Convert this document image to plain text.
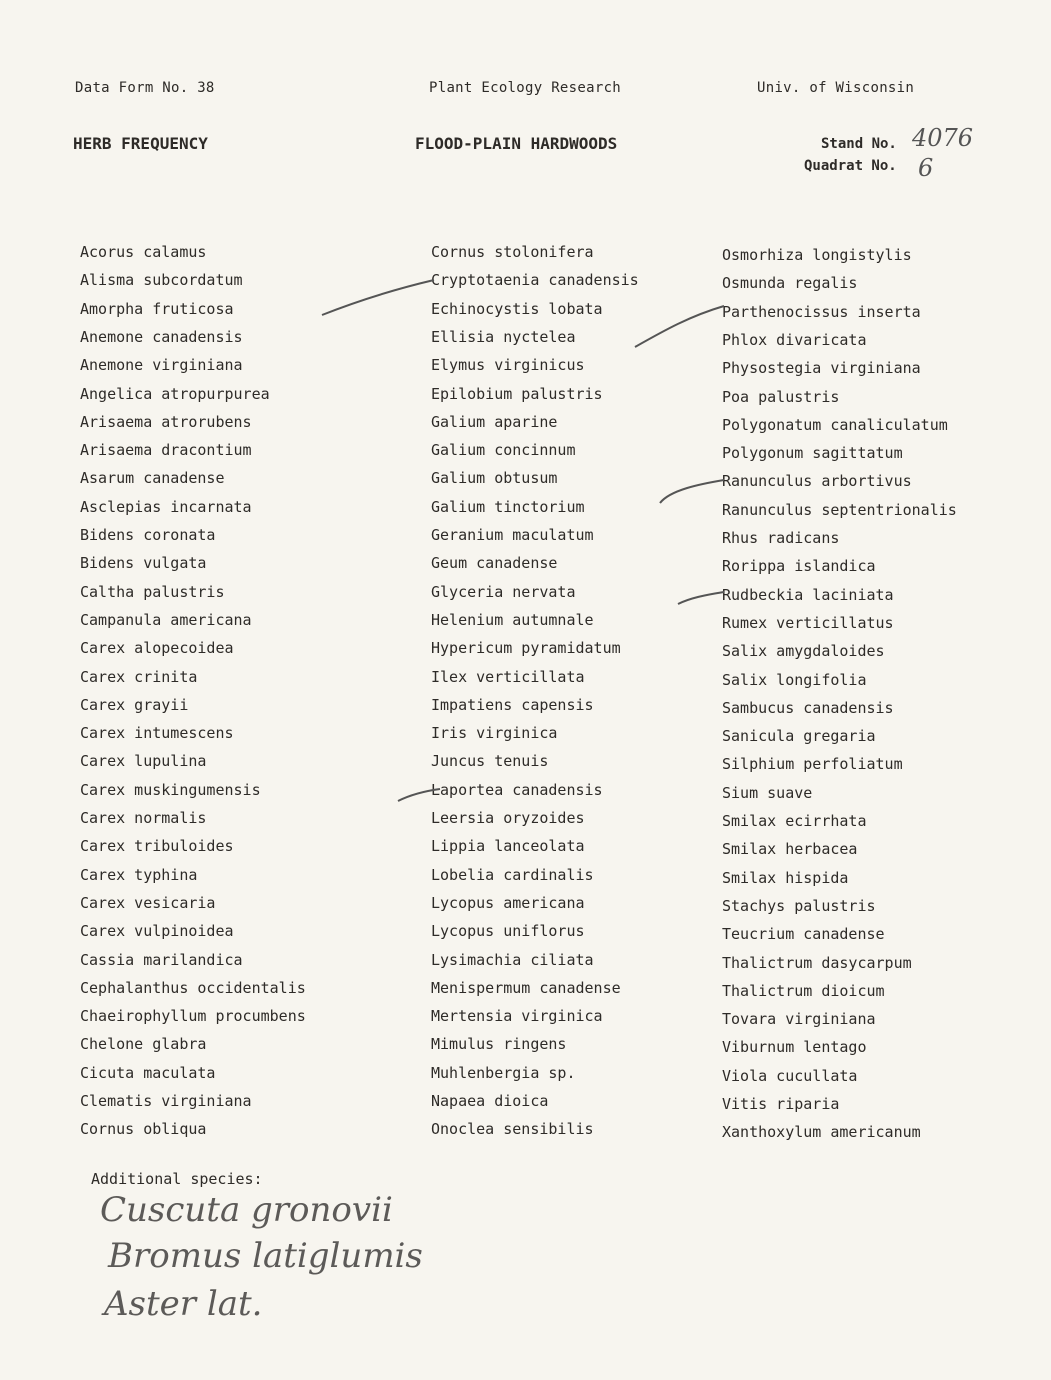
Data Form No. 38	Plant Ecology Research	Univ. of Wisconsin
HERB FREQUENCY	FLOOD-PLAIN HARDWOODS	Stand No. 4076
Quadrat No. 6
Acorus calamus
Alisma subcordatum
Amorpha fruticosa
Anemone canadensis
Anemone virginiana
Angelica atropurpurea
Arisaema atrorubens
Arisaema dracontium
Asarum canadense
Asclepias incarnata
Bidens coronata
Bidens vulgata
Caltha palustris
Campanula americana
Carex alopecoidea
Carex crinita
Carex grayii
Carex intumescens
Carex lupulina
Carex muskingumensis
Carex normalis
Carex tribuloides
Carex typhina
Carex vesicaria
Carex vulpinoidea
Cassia marilandica
Cephalanthus occidentalis
Chaeirophyllum procumbens
Chelone glabra
Cicuta maculata
Clematis virginiana
Cornus obliqua
Cornus stolonifera
Cryptotaenia canadensis
Echinocystis lobata
Ellisia nyctelea
Elymus virginicus
Epilobium palustris
Galium aparine
Galium concinnum
Galium obtusum
Galium tinctorium
Geranium maculatum
Geum canadense
Glyceria nervata
Helenium autumnale
Hypericum pyramidatum
Ilex verticillata
Impatiens capensis
Iris virginica
Juncus tenuis
Laportea canadensis
Leersia oryzoides
Lippia lanceolata
Lobelia cardinalis
Lycopus americana
Lycopus uniflorus
Lysimachia ciliata
Menispermum canadense
Mertensia virginica
Mimulus ringens
Muhlenbergia sp.
Napaea dioica
Onoclea sensibilis
Osmorhiza longistylis
Osmunda regalis
Parthenocissus inserta
Phlox divaricata
Physostegia virginiana
Poa palustris
Polygonatum canaliculatum
Polygonum sagittatum
Ranunculus arbortivus
Ranunculus septentrionalis
Rhus radicans
Rorippa islandica
Rudbeckia laciniata
Rumex verticillatus
Salix amygdaloides
Salix longifolia
Sambucus canadensis
Sanicula gregaria
Silphium perfoliatum
Sium suave
Smilax ecirrhata
Smilax herbacea
Smilax hispida
Stachys palustris
Teucrium canadense
Thalictrum dasycarpum
Thalictrum dioicum
Tovara virginiana
Viburnum lentago
Viola cucullata
Vitis riparia
Xanthoxylum americanum
Additional species:
Cuscuta gronovii
Bromus latiglumis
Aster lat.
